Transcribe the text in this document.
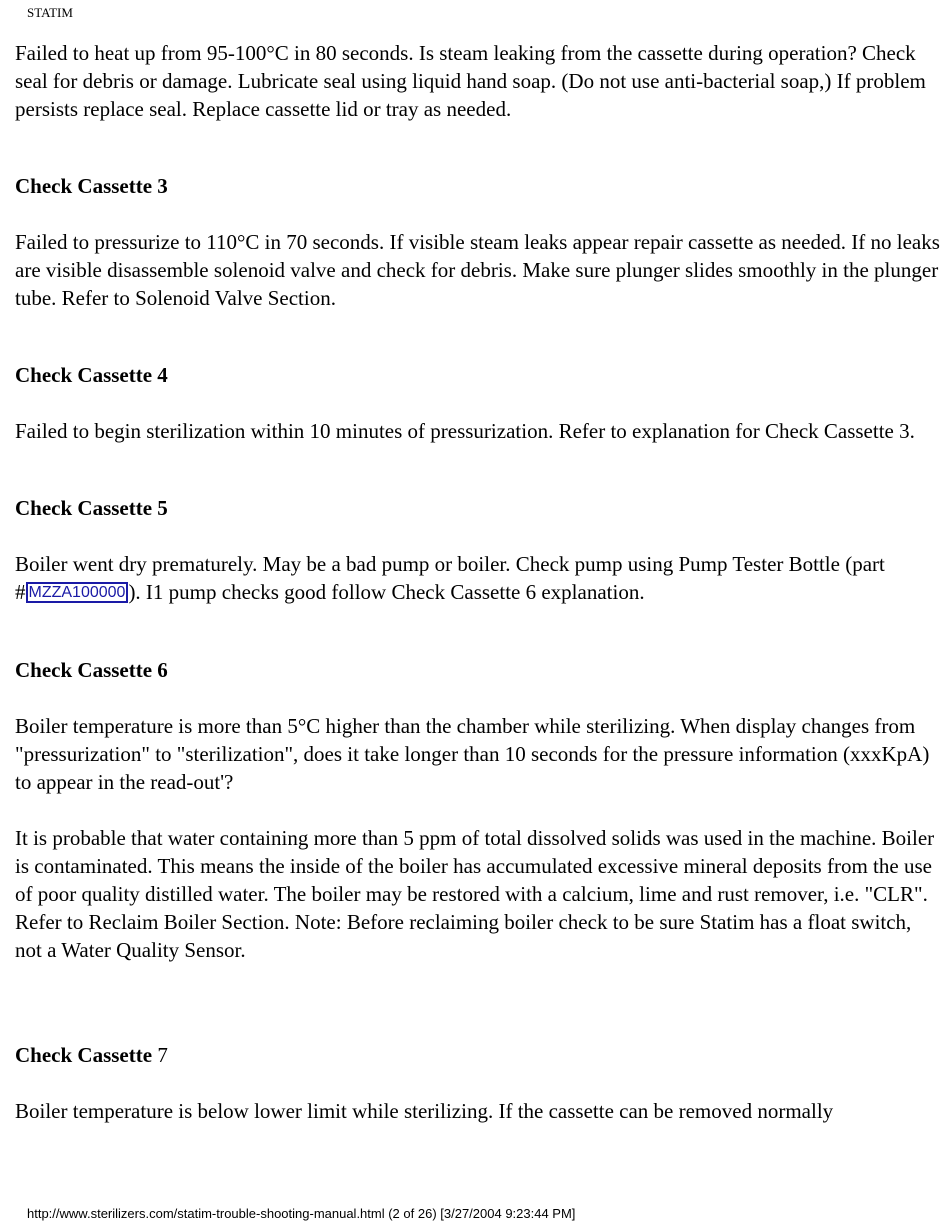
STATIM

Failed to heat up from 95-100°C in 80 seconds. Is steam leaking from the cassette during operation? Check seal for debris or damage. Lubricate seal using liquid hand soap. (Do not use anti-bacterial soap,) If problem persists replace seal. Replace cassette lid or tray as needed.

Check Cassette 3

Failed to pressurize to 110°C in 70 seconds. If visible steam leaks appear repair cassette as needed. If no leaks are visible disassemble solenoid valve and check for debris. Make sure plunger slides smoothly in the plunger tube. Refer to Solenoid Valve Section.

Check Cassette 4

Failed to begin sterilization within 10 minutes of pressurization. Refer to explanation for Check Cassette 3.

Check Cassette 5

Boiler went dry prematurely. May be a bad pump or boiler. Check pump using Pump Tester Bottle (part # MZZA100000 ). I1 pump checks good follow Check Cassette 6 explanation.

Check Cassette 6

Boiler temperature is more than 5°C higher than the chamber while sterilizing. When display changes from "pressurization" to "sterilization", does it take longer than 10 seconds for the pressure information (xxxKpA) to appear in the read-out'?

It is probable that water containing more than 5 ppm of total dissolved solids was used in the machine. Boiler is contaminated. This means the inside of the boiler has accumulated excessive mineral deposits from the use of poor quality distilled water. The boiler may be restored with a calcium, lime and rust remover, i.e. "CLR". Refer to Reclaim Boiler Section. Note: Before reclaiming boiler check to be sure Statim has a float switch, not a Water Quality Sensor.

Check Cassette 7

Boiler temperature is below lower limit while sterilizing. If the cassette can be removed normally

http://www.sterilizers.com/statim-trouble-shooting-manual.html (2 of 26) [3/27/2004 9:23:44 PM]
